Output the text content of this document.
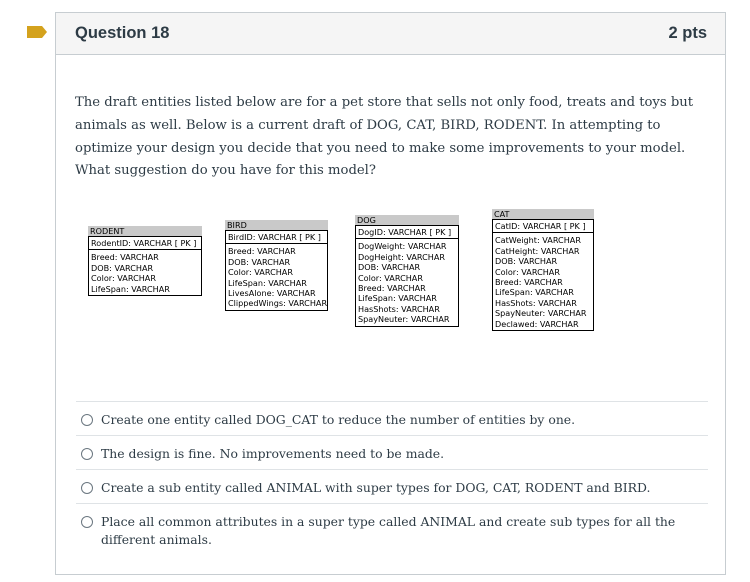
Question 18	2 pts
The draft entities listed below are for a pet store that sells not only food, treats and toys but animals as well. Below is a current draft of DOG, CAT, BIRD, RODENT. In attempting to optimize your design you decide that you need to make some improvements to your model. What suggestion do you have for this model?
RODENT
RodentID: VARCHAR [ PK ]
Breed: VARCHAR
DOB: VARCHAR
Color: VARCHAR
LifeSpan: VARCHAR
BIRD
BirdID: VARCHAR [ PK ]
Breed: VARCHAR
DOB: VARCHAR
Color: VARCHAR
LifeSpan: VARCHAR
LivesAlone: VARCHAR
ClippedWings: VARCHAR
DOG
DogID: VARCHAR [ PK ]
DogWeight: VARCHAR
DogHeight: VARCHAR
DOB: VARCHAR
Color: VARCHAR
Breed: VARCHAR
LifeSpan: VARCHAR
HasShots: VARCHAR
SpayNeuter: VARCHAR
CAT
CatID: VARCHAR [ PK ]
CatWeight: VARCHAR
CatHeight: VARCHAR
DOB: VARCHAR
Color: VARCHAR
Breed: VARCHAR
LifeSpan: VARCHAR
HasShots: VARCHAR
SpayNeuter: VARCHAR
Declawed: VARCHAR
Create one entity called DOG_CAT to reduce the number of entities by one.
The design is fine. No improvements need to be made.
Create a sub entity called ANIMAL with super types for DOG, CAT, RODENT and BIRD.
Place all common attributes in a super type called ANIMAL and create sub types for all the different animals.
